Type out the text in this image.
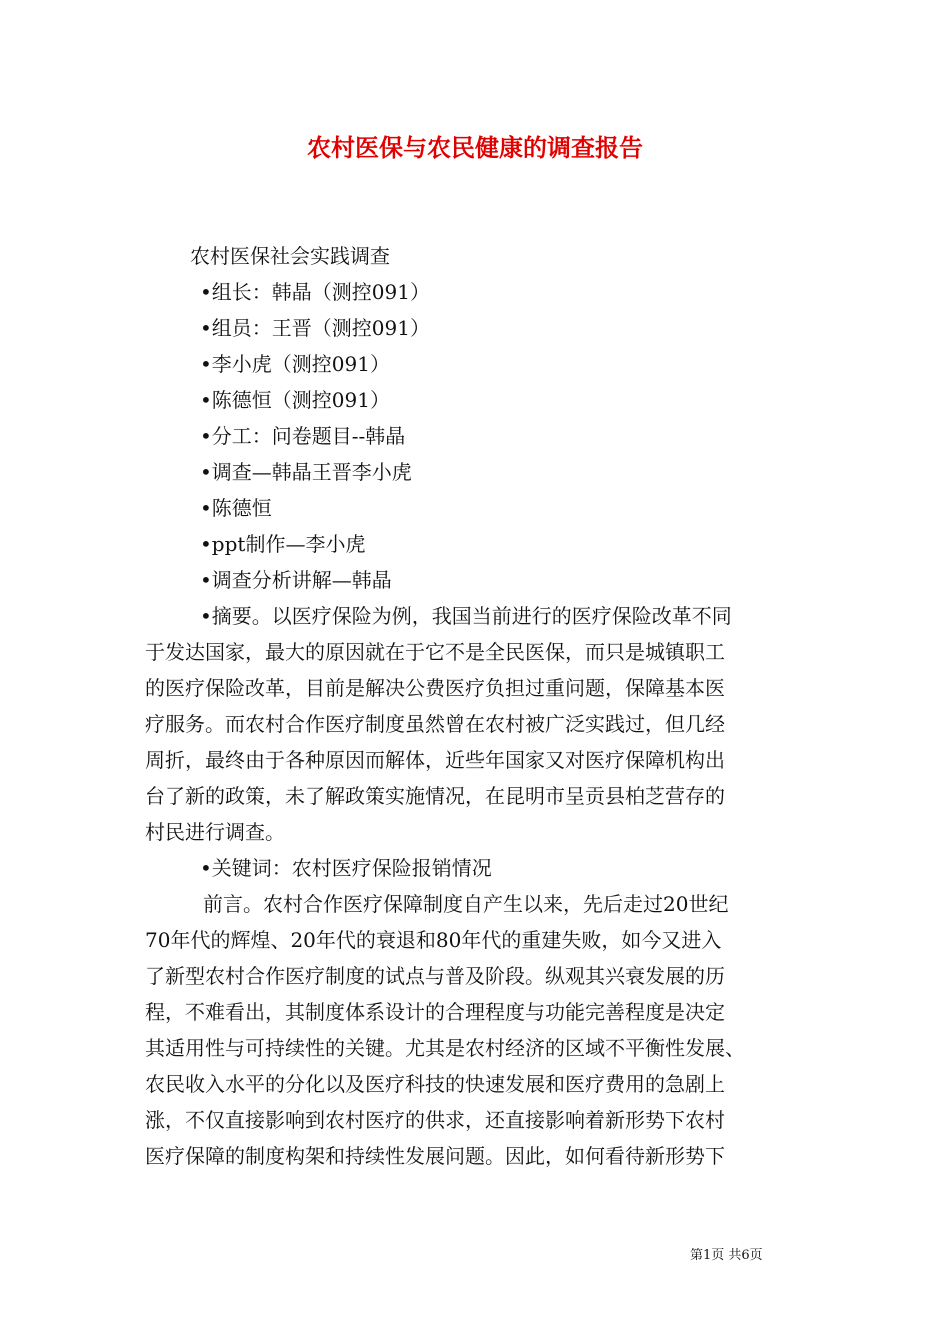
农村医保与农民健康的调查报告
农村医保社会实践调查
•组长：韩晶（测控091）
•组员：王晋（测控091）
•李小虎（测控091）
•陈德恒（测控091）
•分工：问卷题目--韩晶
•调查—韩晶王晋李小虎
•陈德恒
•ppt制作—李小虎
•调查分析讲解—韩晶
•摘要。以医疗保险为例，我国当前进行的医疗保险改革不同
于发达国家，最大的原因就在于它不是全民医保，而只是城镇职工
的医疗保险改革，目前是解决公费医疗负担过重问题，保障基本医
疗服务。而农村合作医疗制度虽然曾在农村被广泛实践过，但几经
周折，最终由于各种原因而解体，近些年国家又对医疗保障机构出
台了新的政策，未了解政策实施情况，在昆明市呈贡县柏芝营存的
村民进行调查。
•关键词：农村医疗保险报销情况
前言。农村合作医疗保障制度自产生以来，先后走过20世纪
70年代的辉煌、20年代的衰退和80年代的重建失败，如今又进入
了新型农村合作医疗制度的试点与普及阶段。纵观其兴衰发展的历
程，不难看出，其制度体系设计的合理程度与功能完善程度是决定
其适用性与可持续性的关键。尤其是农村经济的区域不平衡性发展、
农民收入水平的分化以及医疗科技的快速发展和医疗费用的急剧上
涨，不仅直接影响到农村医疗的供求，还直接影响着新形势下农村
医疗保障的制度构架和持续性发展问题。因此，如何看待新形势下
第1页 共6页
